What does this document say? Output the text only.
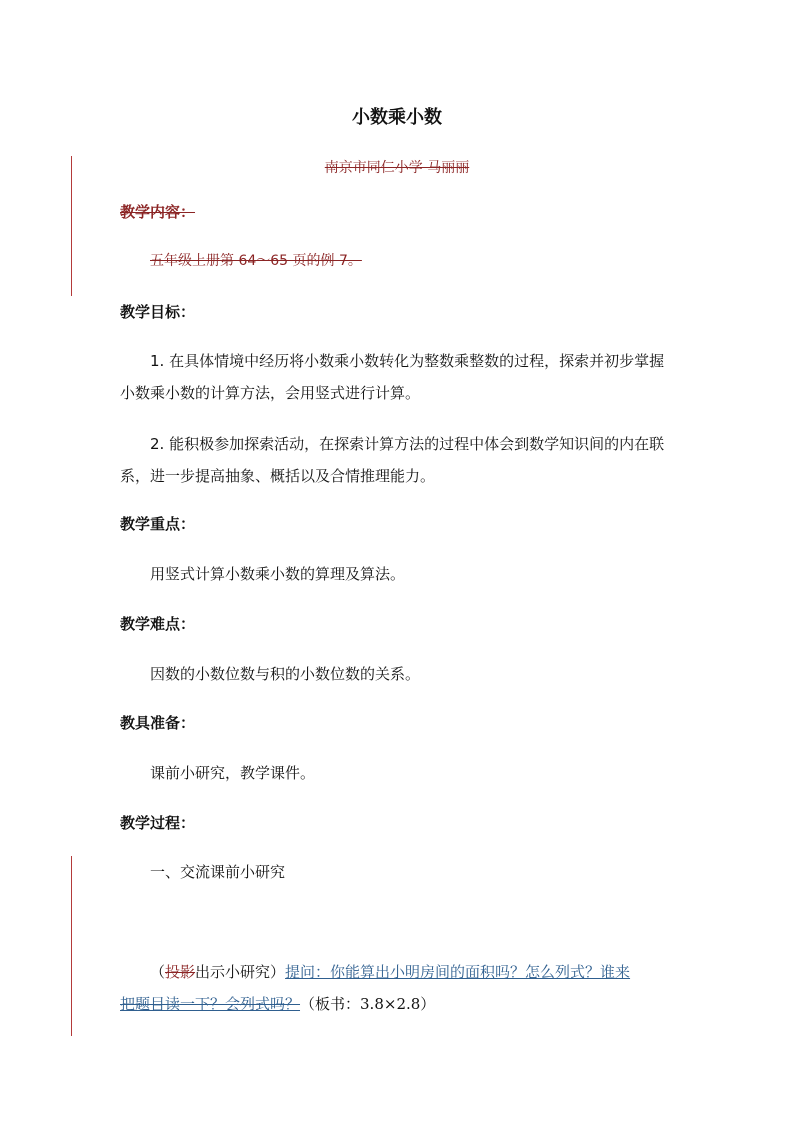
小数乘小数
南京市同仁小学 马丽丽

教学内容：

五年级上册第 64～65 页的例 7。

教学目标：

1. 在具体情境中经历将小数乘小数转化为整数乘整数的过程，探索并初步掌握小数乘小数的计算方法，会用竖式进行计算。

2. 能积极参加探索活动，在探索计算方法的过程中体会到数学知识间的内在联系，进一步提高抽象、概括以及合情推理能力。

教学重点：

用竖式计算小数乘小数的算理及算法。

教学难点：

因数的小数位数与积的小数位数的关系。

教具准备：

课前小研究，教学课件。

教学过程：

一、交流课前小研究

（投影出示小研究）提问：你能算出小明房间的面积吗？怎么列式？谁来
把题目读一下？会列式吗？（板书：3.8×2.8）
